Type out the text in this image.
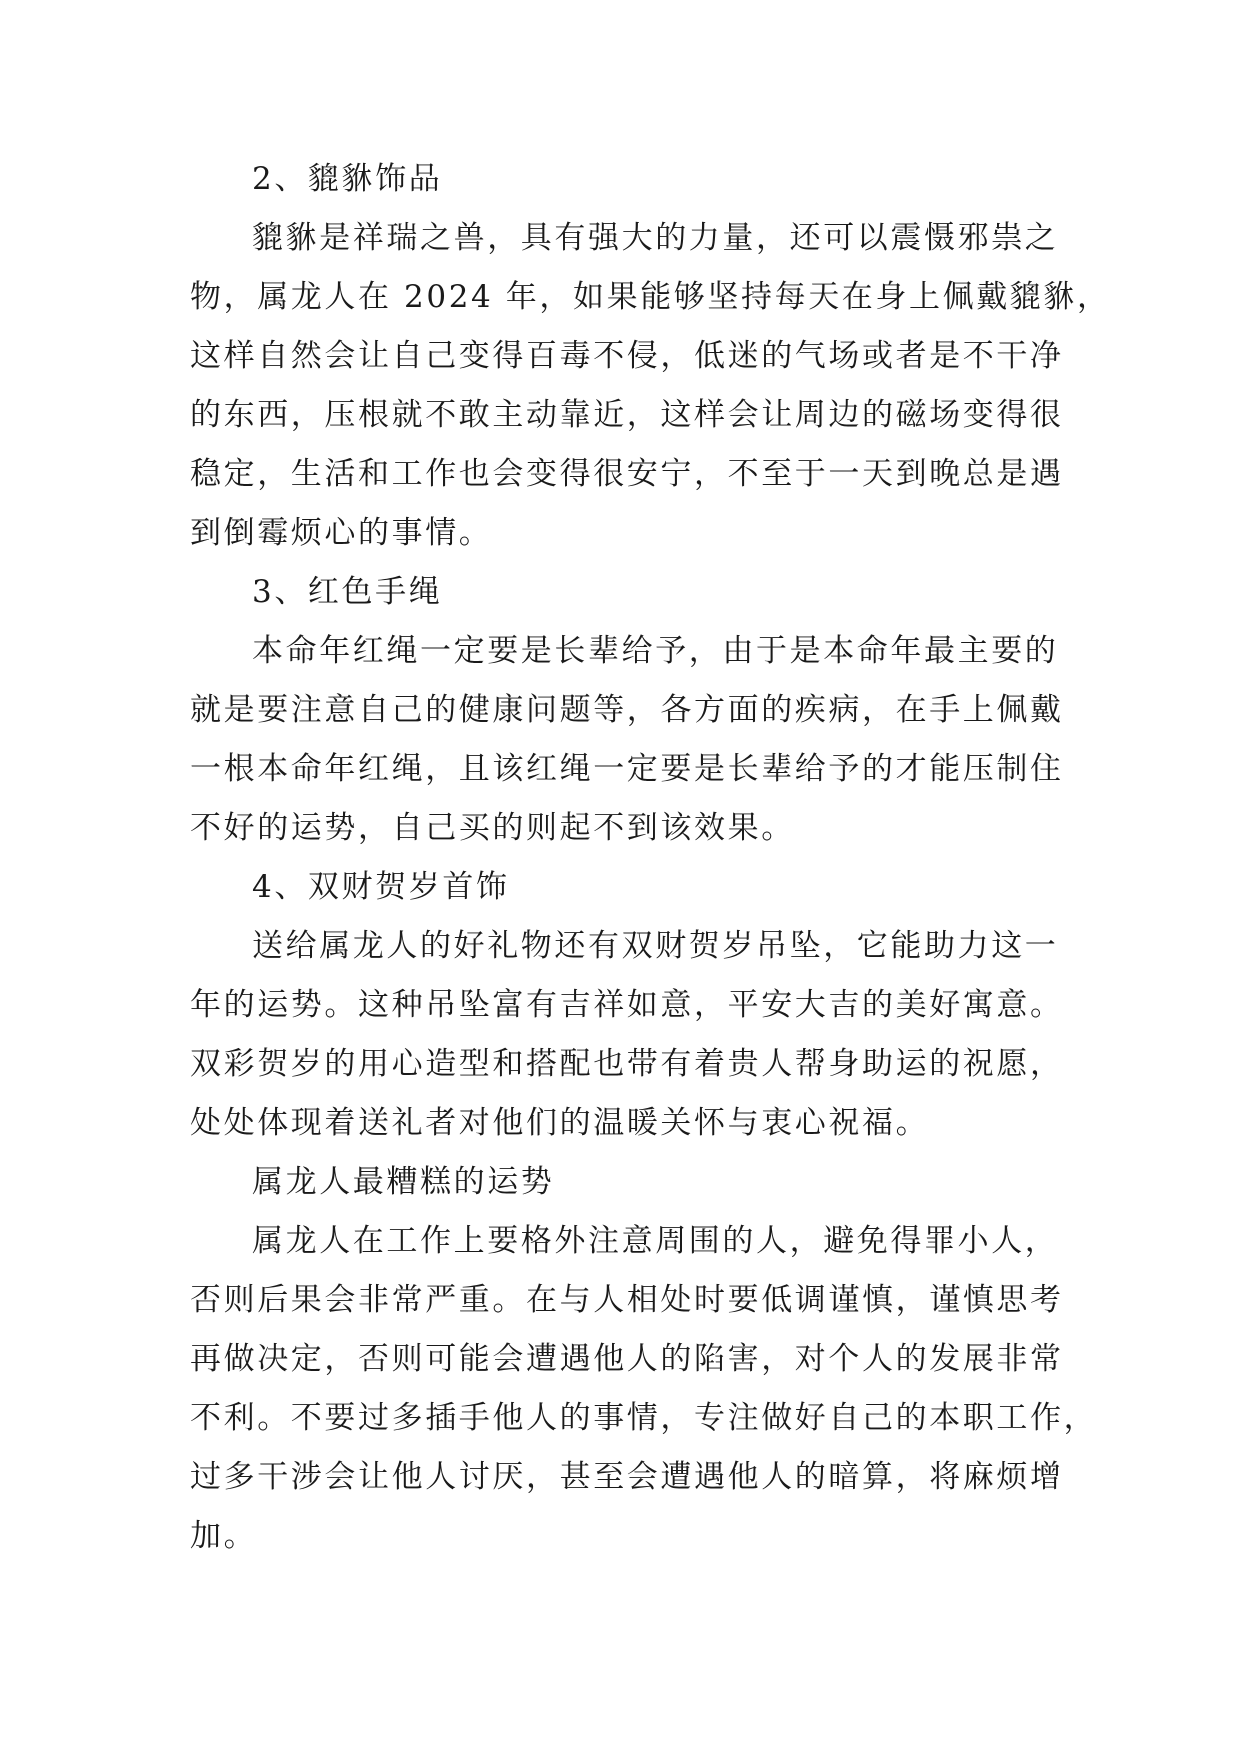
2、貔貅饰品
貔貅是祥瑞之兽，具有强大的力量，还可以震慑邪祟之
物，属龙人在 2024 年，如果能够坚持每天在身上佩戴貔貅，
这样自然会让自己变得百毒不侵，低迷的气场或者是不干净
的东西，压根就不敢主动靠近，这样会让周边的磁场变得很
稳定，生活和工作也会变得很安宁，不至于一天到晚总是遇
到倒霉烦心的事情。
3、红色手绳
本命年红绳一定要是长辈给予，由于是本命年最主要的
就是要注意自己的健康问题等，各方面的疾病，在手上佩戴
一根本命年红绳，且该红绳一定要是长辈给予的才能压制住
不好的运势，自己买的则起不到该效果。
4、双财贺岁首饰
送给属龙人的好礼物还有双财贺岁吊坠，它能助力这一
年的运势。这种吊坠富有吉祥如意，平安大吉的美好寓意。
双彩贺岁的用心造型和搭配也带有着贵人帮身助运的祝愿，
处处体现着送礼者对他们的温暖关怀与衷心祝福。
属龙人最糟糕的运势
属龙人在工作上要格外注意周围的人，避免得罪小人，
否则后果会非常严重。在与人相处时要低调谨慎，谨慎思考
再做决定，否则可能会遭遇他人的陷害，对个人的发展非常
不利。不要过多插手他人的事情，专注做好自己的本职工作，
过多干涉会让他人讨厌，甚至会遭遇他人的暗算，将麻烦增
加。
